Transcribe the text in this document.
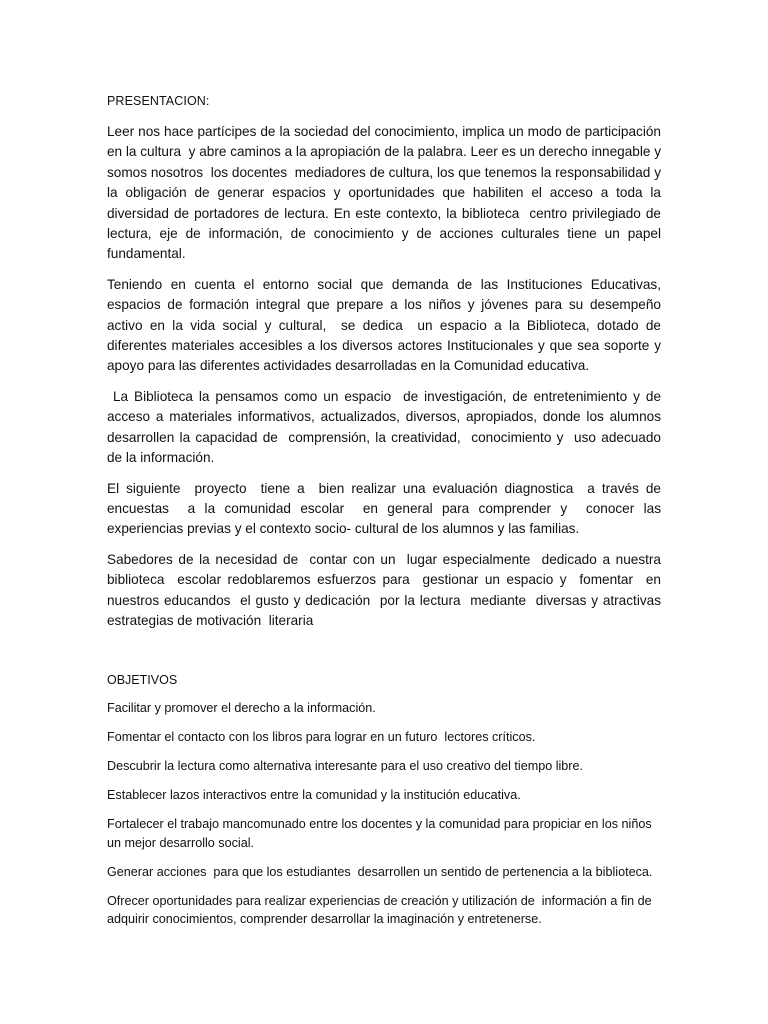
PRESENTACION:

Leer nos hace partícipes de la sociedad del conocimiento, implica un modo de participación en la cultura  y abre caminos a la apropiación de la palabra. Leer es un derecho innegable y somos nosotros  los docentes  mediadores de cultura, los que tenemos la responsabilidad y la obligación de generar espacios y oportunidades que habiliten el acceso a toda la diversidad de portadores de lectura. En este contexto, la biblioteca  centro privilegiado de lectura, eje de información, de conocimiento y de acciones culturales tiene un papel fundamental.

Teniendo en cuenta el entorno social que demanda de las Instituciones Educativas,  espacios de formación integral que prepare a los niños y jóvenes para su desempeño activo en la vida social y cultural,  se dedica  un espacio a la Biblioteca, dotado de diferentes materiales accesibles a los diversos actores Institucionales y que sea soporte y apoyo para las diferentes actividades desarrolladas en la Comunidad educativa.

La Biblioteca la pensamos como un espacio  de investigación, de entretenimiento y de acceso a materiales informativos, actualizados, diversos, apropiados, donde los alumnos desarrollen la capacidad de  comprensión, la creatividad,  conocimiento y  uso adecuado  de la información.

El siguiente  proyecto  tiene a  bien realizar una evaluación diagnostica  a través de encuestas  a la comunidad escolar  en general para comprender y  conocer las experiencias previas y el contexto socio- cultural de los alumnos y las familias.

Sabedores de la necesidad de  contar con un  lugar especialmente  dedicado a nuestra biblioteca  escolar redoblaremos esfuerzos para  gestionar un espacio y  fomentar  en nuestros educandos  el gusto y dedicación  por la lectura  mediante  diversas y atractivas estrategias de motivación  literaria

OBJETIVOS

Facilitar y promover el derecho a la información.

Fomentar el contacto con los libros para lograr en un futuro  lectores críticos.

Descubrir la lectura como alternativa interesante para el uso creativo del tiempo libre.

Establecer lazos interactivos entre la comunidad y la institución educativa.

Fortalecer el trabajo mancomunado entre los docentes y la comunidad para propiciar en los niños un mejor desarrollo social.

Generar acciones  para que los estudiantes  desarrollen un sentido de pertenencia a la biblioteca.

Ofrecer oportunidades para realizar experiencias de creación y utilización de  información a fin de adquirir conocimientos, comprender desarrollar la imaginación y entretenerse.
